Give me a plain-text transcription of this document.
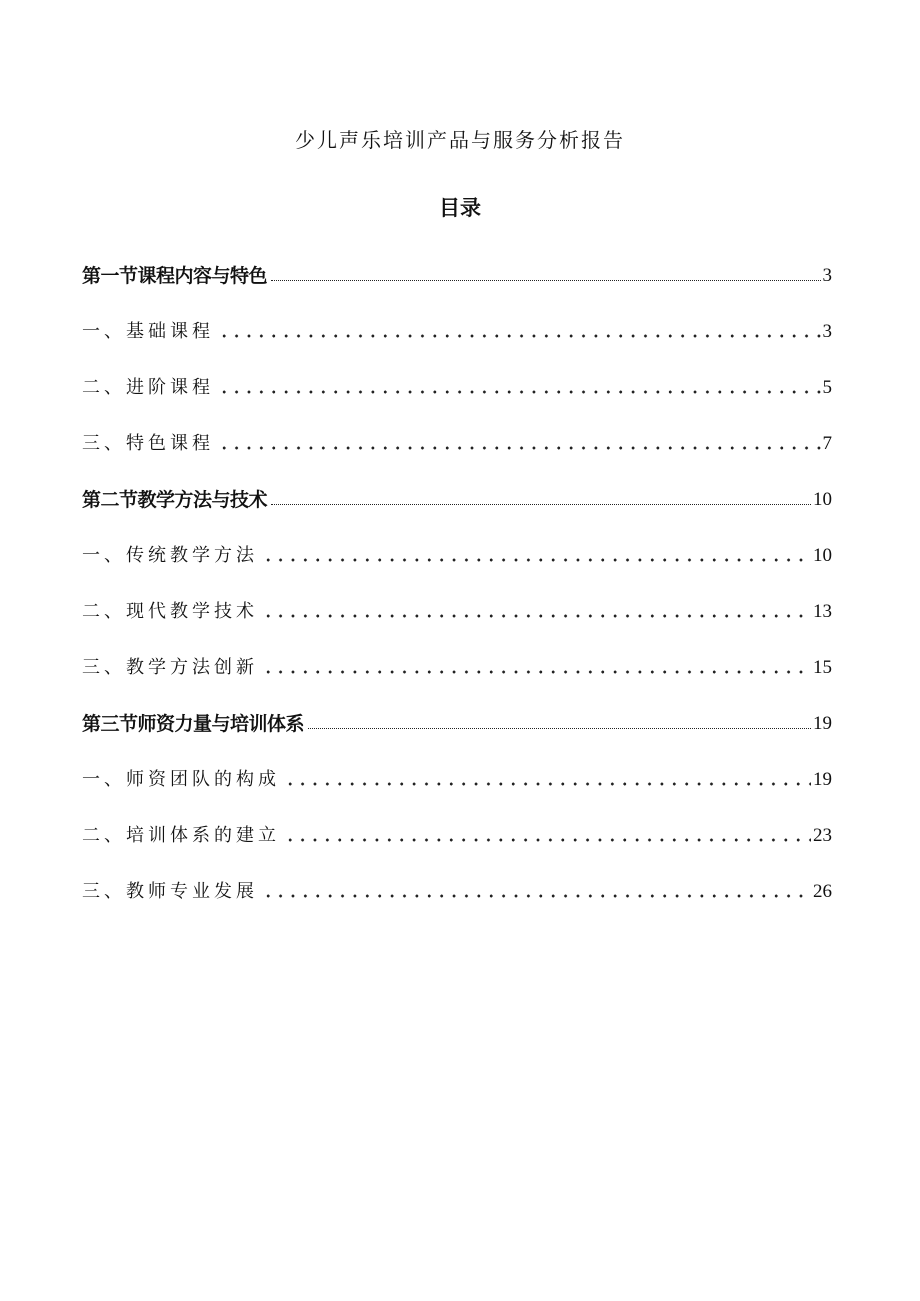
少儿声乐培训产品与服务分析报告
目录
第一节课程内容与特色	3
一、基础课程	3
二、进阶课程	5
三、特色课程	7
第二节教学方法与技术	10
一、传统教学方法	10
二、现代教学技术	13
三、教学方法创新	15
第三节师资力量与培训体系	19
一、师资团队的构成	19
二、培训体系的建立	23
三、教师专业发展	26
